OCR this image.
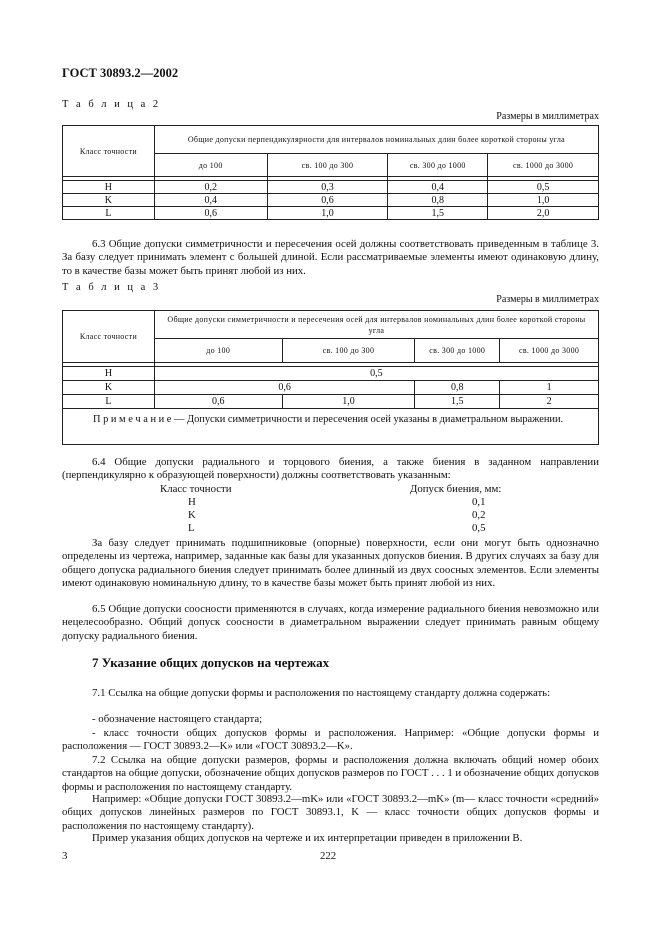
ГОСТ 30893.2—2002
Т а б л и ц а 2
Размеры в миллиметрах
Класс точности	Общие допуски перпендикулярности для интервалов номинальных длин более короткой стороны угла			
	до 100	св. 100 до 300	св. 300 до 1000	св. 1000 до 3000

H	0,2	0,3	0,4	0,5
K	0,4	0,6	0,8	1,0
L	0,6	1,0	1,5	2,0

6.3 Общие допуски симметричности и пересечения осей должны соответствовать приведенным в таблице 3. За базу следует принимать элемент с большей длиной. Если рассматриваемые элементы имеют одинаковую длину, то в качестве базы может быть принят любой из них.

Т а б л и ц а 3
Размеры в миллиметрах
Класс точности	Общие допуски симметричности и пересечения осей для интервалов номинальных длин более короткой стороны угла			
	до 100	св. 100 до 300	св. 300 до 1000	св. 1000 до 3000

H	0,5			
K	0,6		0,8	1
L	0,6	1,0	1,5	2

П р и м е ч а н и е — Допуски симметричности и пересечения осей указаны в диаметральном выражении.				

6.4 Общие допуски радиального и торцового биения, а также биения в заданном направлении (перпендикулярно к образующей поверхности) должны соответствовать указанным:

Класс точности	Допуск биения, мм:
H	0,1
K	0,2
L	0,5

За базу следует принимать подшипниковые (опорные) поверхности, если они могут быть однозначно определены из чертежа, например, заданные как базы для указанных допусков биения. В других случаях за базу для общего допуска радиального биения следует принимать более длинный из двух соосных элементов. Если элементы имеют одинаковую номинальную длину, то в качестве базы может быть принят любой из них.

6.5 Общие допуски соосности применяются в случаях, когда измерение радиального биения невозможно или нецелесообразно. Общий допуск соосности в диаметральном выражении следует принимать равным общему допуску радиального биения.

7 Указание общих допусков на чертежах

7.1 Ссылка на общие допуски формы и расположения по настоящему стандарту должна содержать:

- обозначение настоящего стандарта;

- класс точности общих допусков формы и расположения. Например: «Общие допуски формы и расположения — ГОСТ 30893.2—K» или «ГОСТ 30893.2—K».

7.2 Ссылка на общие допуски размеров, формы и расположения должна включать общий номер обоих стандартов на общие допуски, обозначение общих допусков размеров по ГОСТ . . . 1 и обозначение общих допусков формы и расположения по настоящему стандарту.

Например: «Общие допуски ГОСТ 30893.2—mK» или «ГОСТ 30893.2—mK» (m— класс точности «средний» общих допусков линейных размеров по ГОСТ 30893.1, K — класс точности общих допусков формы и расположения по настоящему стандарту).

Пример указания общих допусков на чертеже и их интерпретации приведен в приложении В.

3	222
